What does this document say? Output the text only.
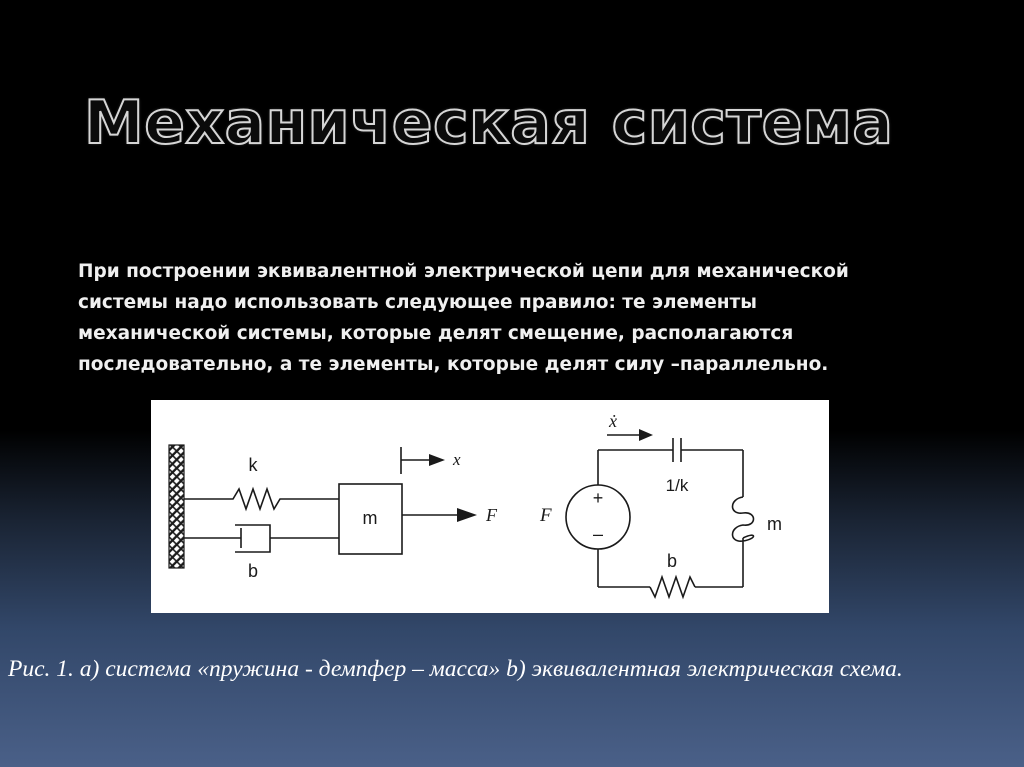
Механическая система

При построении эквивалентной электрической цепи для механической
системы надо использовать следующее правило: те элементы
механической системы, которые делят смещение, располагаются
последовательно, а те элементы, которые делят силу –параллельно.

k
b
m	F
x
1/k
ẋ
m
b
+
–
F

Рис. 1. а) система «пружина - демпфер – масса» b) эквивалентная электрическая схема.
